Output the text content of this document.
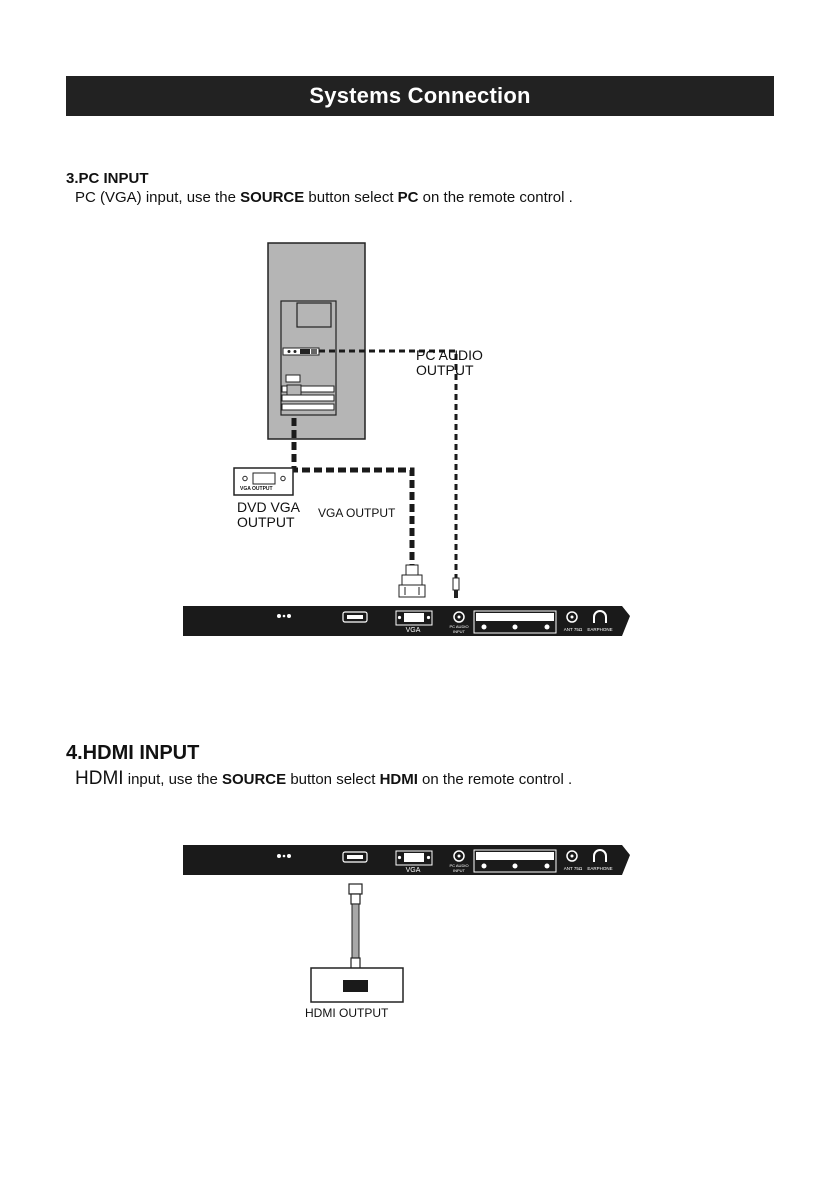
Systems Connection
3.PC INPUT
PC (VGA) input, use the SOURCE button select PC on the remote control .
4.HDMI INPUT
HDMI input, use the SOURCE button select HDMI on the remote control .
VGA
PC AUDIO
INPUT	ANT 75Ω EARPHONE
VGA
PC AUDIO
INPUT	ANT 75Ω EARPHONE
PC AUDIO
OUTPUT
DVD VGA
OUTPUT
VGA OUTPUT
VGA OUTPUT
HDMI OUTPUT
